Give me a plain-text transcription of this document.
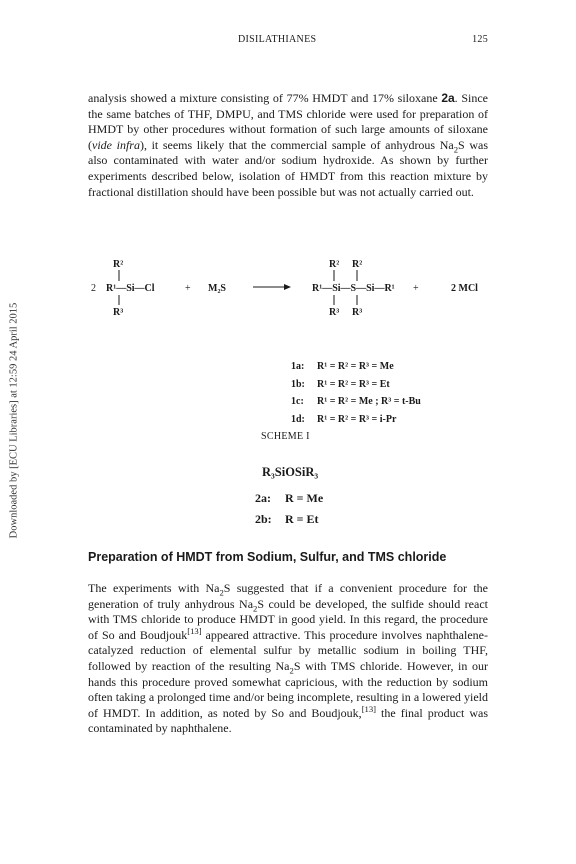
DISILATHIANES	125
Downloaded by [ECU Libraries] at 12:59 24 April 2015

analysis showed a mixture consisting of 77% HMDT and 17% siloxane 2a. Since the same batches of THF, DMPU, and TMS chloride were used for preparation of HMDT by other procedures without formation of such large amounts of siloxane (vide infra), it seems likely that the commercial sample of anhydrous $Na_2S$ was also contaminated with water and/or sodium hydroxide. As shown by further experiments described below, isolation of HMDT from this reaction mixture by fractional distillation should have been possible but was not actually carried out.

2
R²
R¹—Si—Cl
R³
+ M₂S
R² R²
R¹—Si—S—Si—R¹
R³ R³
+	2 MCl
1a: R¹ = R² = R³ = Me
1b: R¹ = R² = R³ = Et
1c: R¹ = R² = Me ; R³ = t-Bu
1d: R¹ = R² = R³ = i-Pr
SCHEME I
R₃SiOSiR₃
2a: R = Me
2b: R = Et
Preparation of HMDT from Sodium, Sulfur, and TMS chloride

The experiments with $Na_2S$ suggested that if a convenient procedure for the generation of truly anhydrous $Na_2S$ could be developed, the sulfide should react with TMS chloride to produce HMDT in good yield. In this regard, the procedure of So and Boudjouk[13] appeared attractive. This procedure involves naphthalene-catalyzed reduction of elemental sulfur by metallic sodium in boiling THF, followed by reaction of the resulting $Na_2S$ with TMS chloride. However, in our hands this procedure proved somewhat capricious, with the reduction by sodium often taking a prolonged time and/or being incomplete, resulting in a lowered yield of HMDT. In addition, as noted by So and Boudjouk,[13] the final product was contaminated by naphthalene.
